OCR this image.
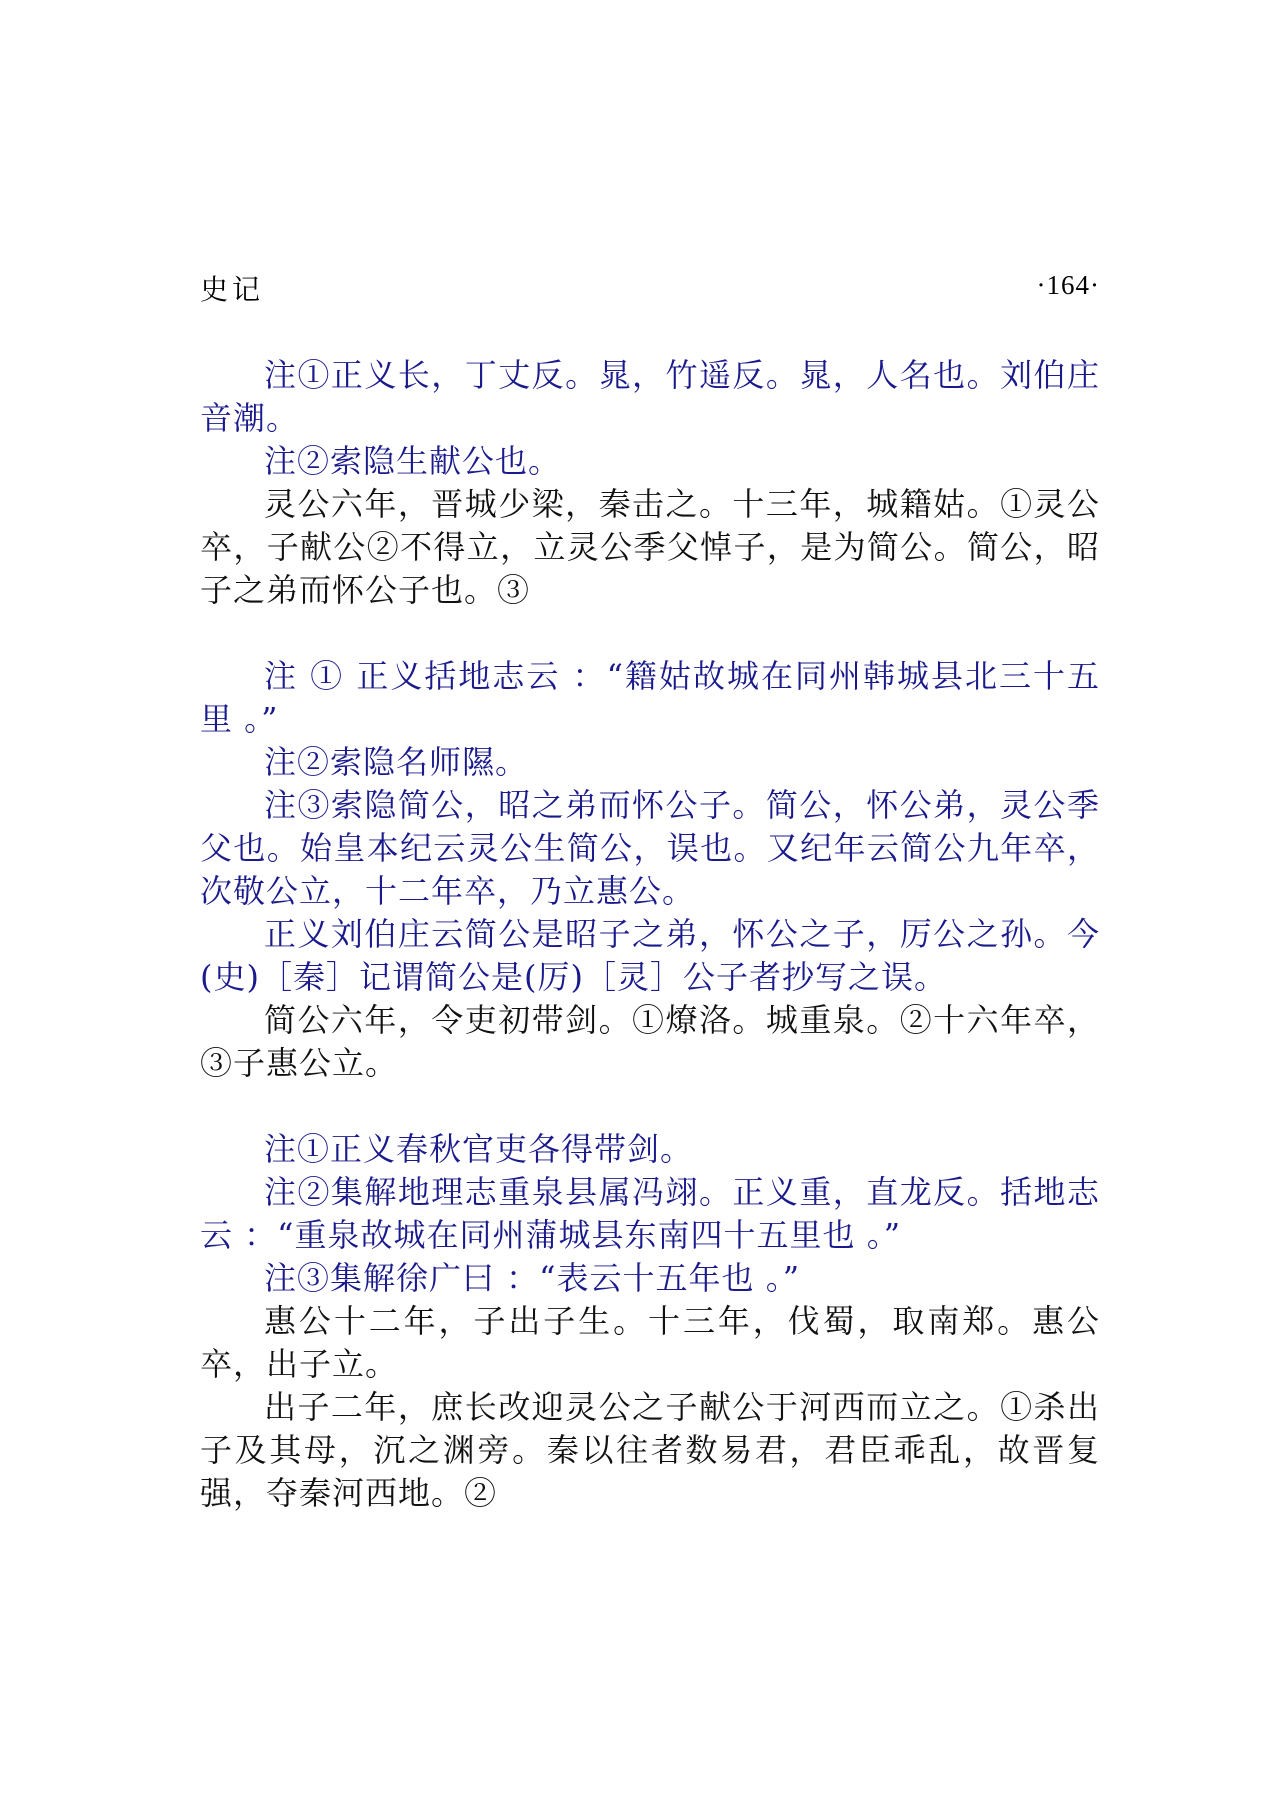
史记	·164·

注①正义长，丁丈反。晁，竹遥反。晁，人名也。刘伯庄音潮。

注②索隐生献公也。

灵公六年，晋城少梁，秦击之。十三年，城籍姑。①灵公卒，子献公②不得立，立灵公季父悼子，是为简公。简公，昭子之弟而怀公子也。③

注 ① 正义括地志云 ：“籍姑故城在同州韩城县北三十五里 。”

注②索隐名师隰。

注③索隐简公，昭之弟而怀公子。简公，怀公弟，灵公季父也。始皇本纪云灵公生简公，误也。又纪年云简公九年卒，次敬公立，十二年卒，乃立惠公。

正义刘伯庄云简公是昭子之弟，怀公之子，厉公之孙。今(史)［秦］记谓简公是(厉)［灵］公子者抄写之误。

简公六年，令吏初带剑。①燎洛。城重泉。②十六年卒，③子惠公立。

注①正义春秋官吏各得带剑。

注②集解地理志重泉县属冯翊。正义重，直龙反。括地志云 ：“重泉故城在同州蒲城县东南四十五里也 。”

注③集解徐广曰 ：“表云十五年也 。”

惠公十二年，子出子生。十三年，伐蜀，取南郑。惠公卒，出子立。

出子二年，庶长改迎灵公之子献公于河西而立之。①杀出子及其母，沉之渊旁。秦以往者数易君，君臣乖乱，故晋复强，夺秦河西地。②
